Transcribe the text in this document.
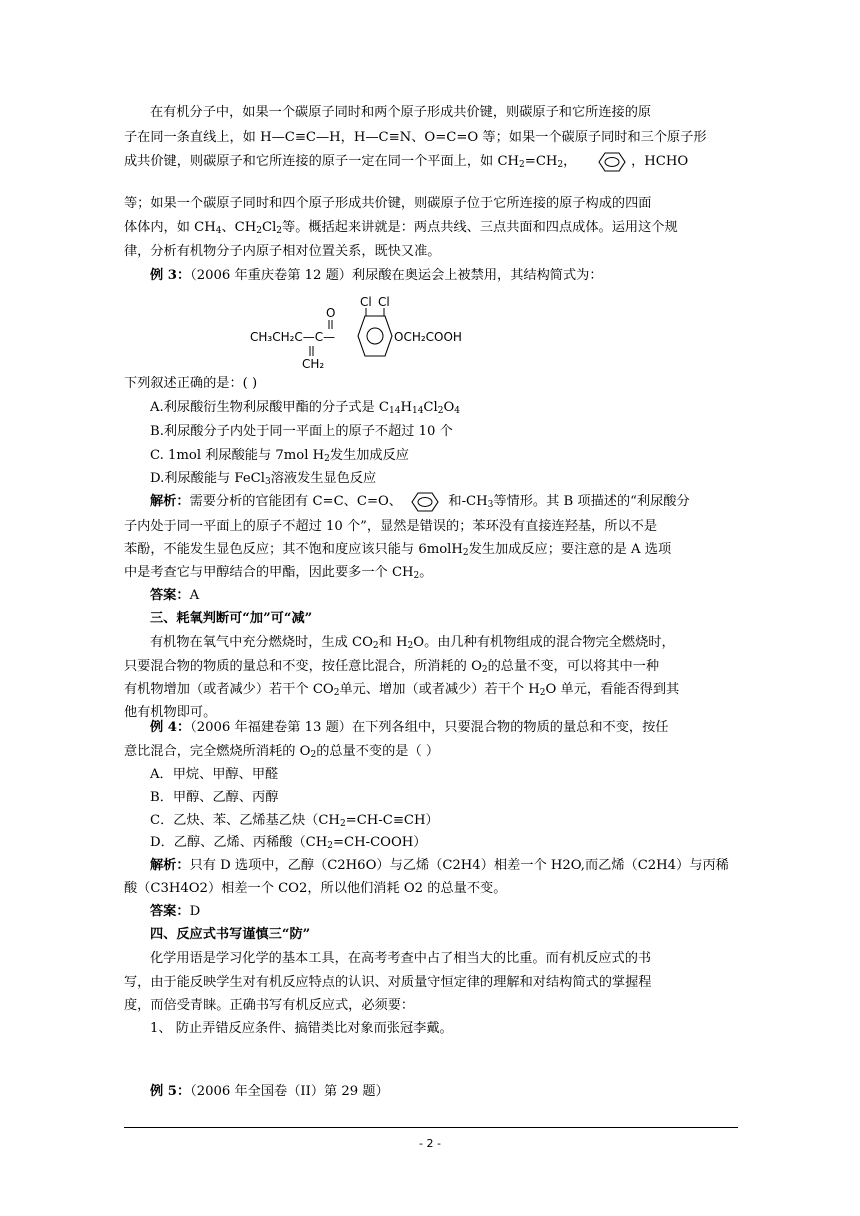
在有机分子中，如果一个碳原子同时和两个原子形成共价键，则碳原子和它所连接的原
子在同一条直线上，如 H—C≡C—H，H—C≡N、O=C=O 等；如果一个碳原子同时和三个原子形
成共价键，则碳原子和它所连接的原子一定在同一个平面上，如 $CH_2=CH_2$，	，HCHO
等；如果一个碳原子同时和四个原子形成共价键，则碳原子位于它所连接的原子构成的四面
体体内，如 $CH_4$、$CH_2Cl_2$等。概括起来讲就是：两点共线、三点共面和四点成体。运用这个规
律，分析有机物分子内原子相对位置关系，既快又准。
例 3：（2006 年重庆卷第 12 题）利尿酸在奥运会上被禁用，其结构简式为：
CH₃CH₂C—C—
O
CH₂
Cl Cl
OCH₂COOH
下列叙述正确的是：( )
A.利尿酸衍生物利尿酸甲酯的分子式是 $C_{14}H_{14}Cl_2O_4$
B.利尿酸分子内处于同一平面上的原子不超过 10 个
C. 1mol 利尿酸能与 7mol $H_2$发生加成反应
D.利尿酸能与 FeCl$_3$溶液发生显色反应
解析：需要分析的官能团有 C=C、C=O、	和$-CH_3$等情形。其 B 项描述的“利尿酸分
子内处于同一平面上的原子不超过 10 个”，显然是错误的；苯环没有直接连羟基，所以不是
苯酚，不能发生显色反应；其不饱和度应该只能与 6molH$_2$发生加成反应；要注意的是 A 选项
中是考查它与甲醇结合的甲酯，因此要多一个 $CH_2$。
答案：A
三、耗氧判断可“加”可“减”
有机物在氧气中充分燃烧时，生成 $CO_2$和 $H_2O$。由几种有机物组成的混合物完全燃烧时，
只要混合物的物质的量总和不变，按任意比混合，所消耗的 $O_2$的总量不变，可以将其中一种
有机物增加（或者减少）若干个 $CO_2$单元、增加（或者减少）若干个 $H_2O$ 单元，看能否得到其
他有机物即可。
例 4：（2006 年福建卷第 13 题）在下列各组中，只要混合物的物质的量总和不变，按任
意比混合，完全燃烧所消耗的 $O_2$的总量不变的是（ ）
A．甲烷、甲醇、甲醛
B．甲醇、乙醇、丙醇
C．乙炔、苯、乙烯基乙炔$(CH_2=CH-C\equiv CH)$
D．乙醇、乙烯、丙稀酸$(CH_2=CH-COOH)$
解析：只有 D 选项中，乙醇（C2H6O）与乙烯（C2H4）相差一个 H2O,而乙烯（C2H4）与丙稀
酸（C3H4O2）相差一个 CO2，所以他们消耗 O2 的总量不变。
答案：D
四、反应式书写谨慎三“防”
化学用语是学习化学的基本工具，在高考考查中占了相当大的比重。而有机反应式的书
写，由于能反映学生对有机反应特点的认识、对质量守恒定律的理解和对结构简式的掌握程
度，而倍受青睐。正确书写有机反应式，必须要：
1、 防止弄错反应条件、搞错类比对象而张冠李戴。
例 5：（2006 年全国卷（II）第 29 题）
- 2 -
